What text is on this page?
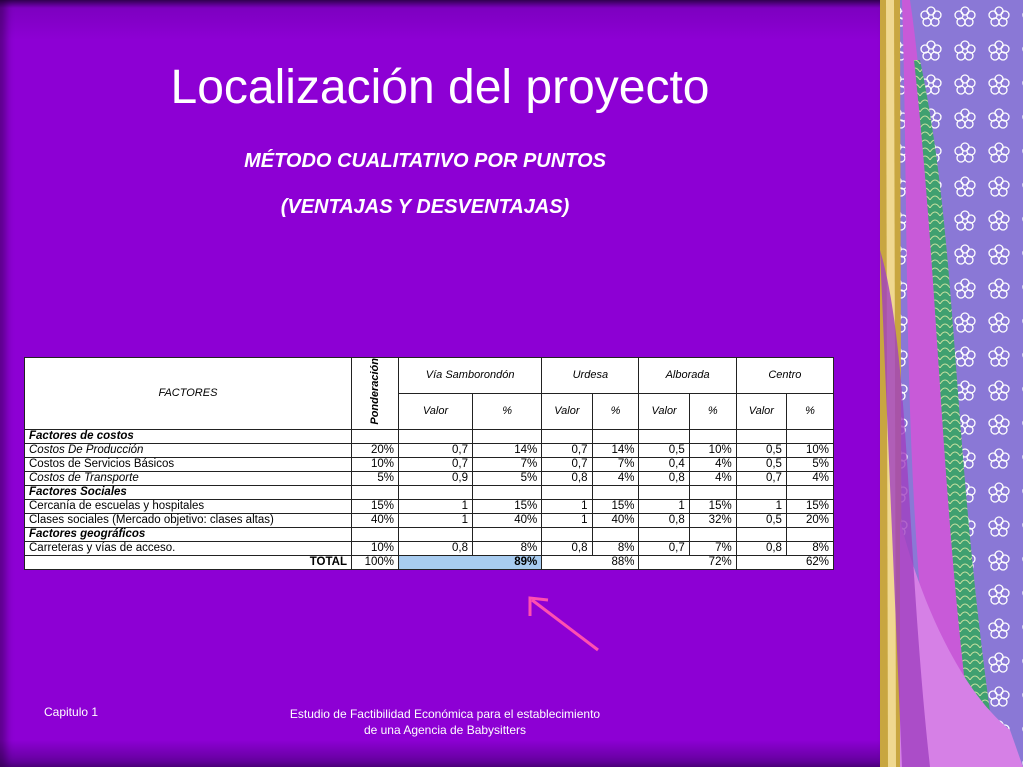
Localización del proyecto
MÉTODO CUALITATIVO POR PUNTOS
(VENTAJAS Y DESVENTAJAS)
FACTORES	Ponderación	Vía Samborondón		Urdesa		Alborada		Centro	
		Valor	%	Valor	%	Valor	%	Valor	%
Factores de costos									
Costos De Producción	20%	0,7	14%	0,7	14%	0,5	10%	0,5	10%
Costos de Servicios Básicos	10%	0,7	7%	0,7	7%	0,4	4%	0,5	5%
Costos de Transporte	5%	0,9	5%	0,8	4%	0,8	4%	0,7	4%
Factores Sociales									
Cercanía de escuelas y hospitales	15%	1	15%	1	15%	1	15%	1	15%
Clases sociales (Mercado objetivo: clases altas)	40%	1	40%	1	40%	0,8	32%	0,5	20%
Factores geográficos									
Carreteras y vías de acceso.	10%	0,8	8%	0,8	8%	0,7	7%	0,8	8%
TOTAL	100%	89%		88%		72%		62%	
Capitulo 1	Estudio de Factibilidad Económica para el establecimiento
de una Agencia de Babysitters
